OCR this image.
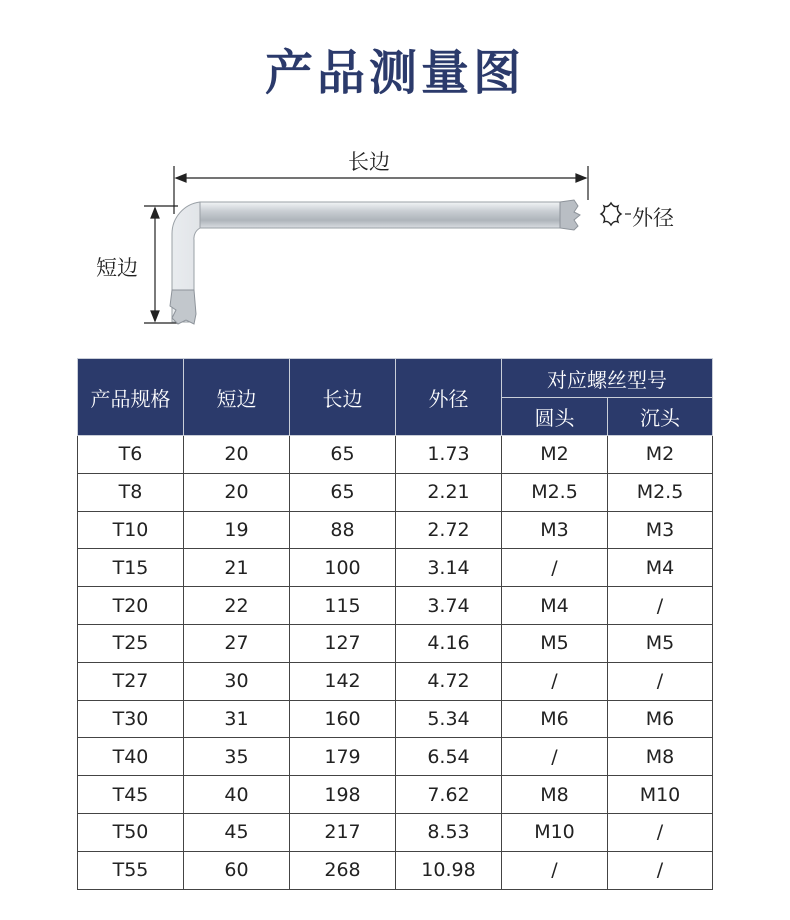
产品测量图
长边
短边
外径
产品规格	短边	长边	外径	对应螺丝型号	
				圆头	沉头
T6	20	65	1.73	M2	M2
T8	20	65	2.21	M2.5	M2.5
T10	19	88	2.72	M3	M3
T15	21	100	3.14	/	M4
T20	22	115	3.74	M4	/
T25	27	127	4.16	M5	M5
T27	30	142	4.72	/	/
T30	31	160	5.34	M6	M6
T40	35	179	6.54	/	M8
T45	40	198	7.62	M8	M10
T50	45	217	8.53	M10	/
T55	60	268	10.98	/	/
